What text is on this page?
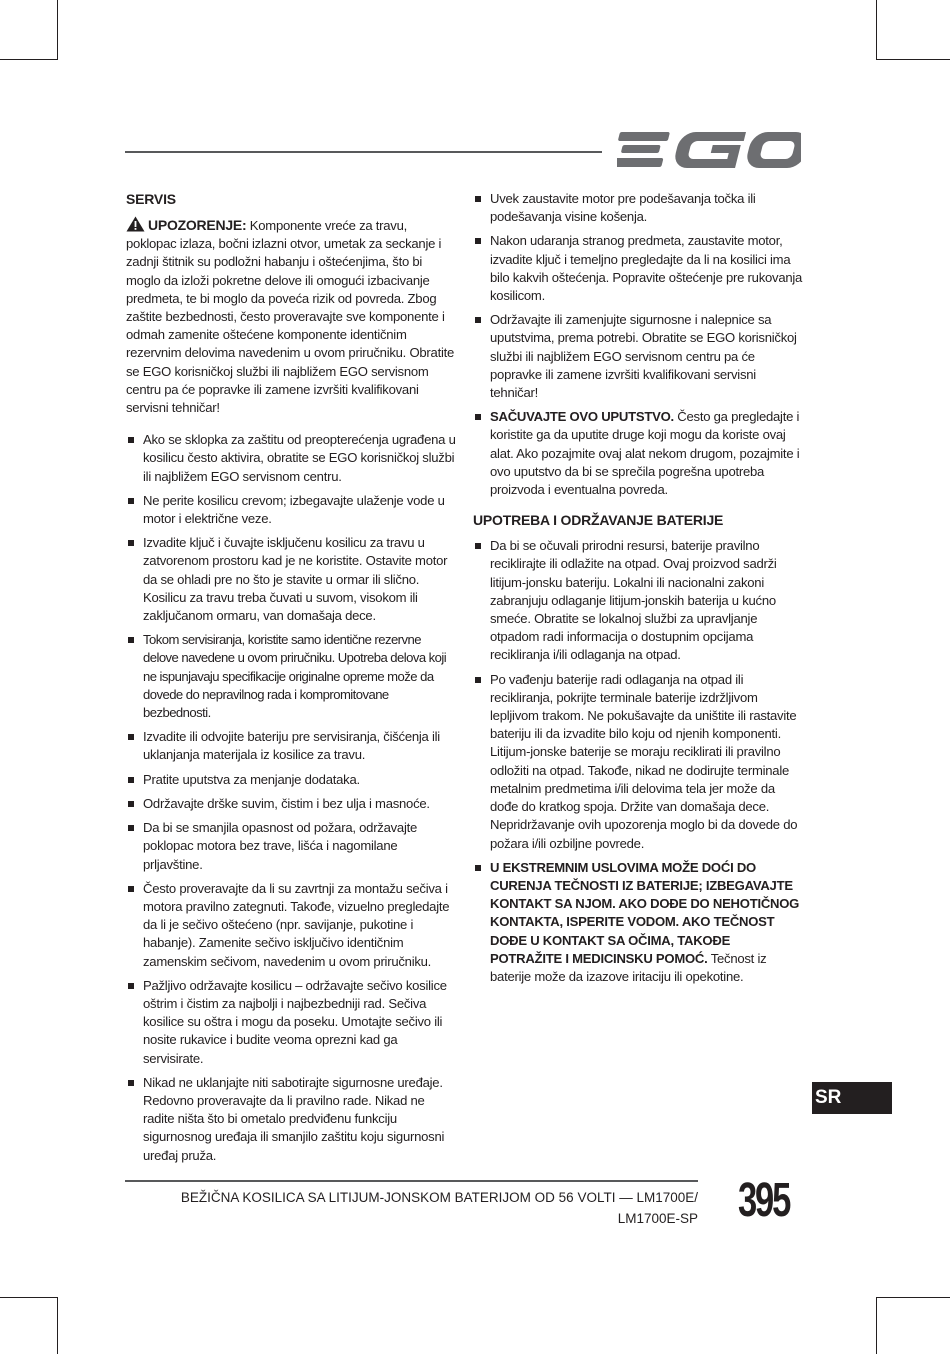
SERVIS
UPOZORENJE: Komponente vreće za travu, poklopac izlaza, bočni izlazni otvor, umetak za seckanje i zadnji štitnik su podložni habanju i oštećenjima, što bi moglo da izloži pokretne delove ili omogući izbacivanje predmeta, te bi moglo da poveća rizik od povreda. Zbog zaštite bezbednosti, često proveravajte sve komponente i odmah zamenite oštećene komponente identičnim rezervnim delovima navedenim u ovom priručniku. Obratite se EGO korisničkoj službi ili najbližem EGO servisnom centru pa će popravke ili zamene izvršiti kvalifikovani servisni tehničar!
Ako se sklopka za zaštitu od preopterećenja ugrađena u kosilicu često aktivira, obratite se EGO korisničkoj službi ili najbližem EGO servisnom centru.
Ne perite kosilicu crevom; izbegavajte ulaženje vode u motor i električne veze.
Izvadite ključ i čuvajte isključenu kosilicu za travu u zatvorenom prostoru kad je ne koristite. Ostavite motor da se ohladi pre no što je stavite u ormar ili slično. Kosilicu za travu treba čuvati u suvom, visokom ili zaključanom ormaru, van domašaja dece.
Tokom servisiranja, koristite samo identične rezervne delove navedene u ovom priručniku. Upotreba delova koji ne ispunjavaju specifikacije originalne opreme može da dovede do nepravilnog rada i kompromitovane bezbednosti.
Izvadite ili odvojite bateriju pre servisiranja, čišćenja ili uklanjanja materijala iz kosilice za travu.
Pratite uputstva za menjanje dodataka.
Održavajte drške suvim, čistim i bez ulja i masnoće.
Da bi se smanjila opasnost od požara, održavajte poklopac motora bez trave, lišća i nagomilane prljavštine.
Često proveravajte da li su zavrtnji za montažu sečiva i motora pravilno zategnuti. Takođe, vizuelno pregledajte da li je sečivo oštećeno (npr. savijanje, pukotine i habanje). Zamenite sečivo isključivo identičnim zamenskim sečivom, navedenim u ovom priručniku.
Pažljivo održavajte kosilicu – održavajte sečivo kosilice oštrim i čistim za najbolji i najbezbedniji rad. Sečiva kosilice su oštra i mogu da poseku. Umotajte sečivo ili nosite rukavice i budite veoma oprezni kad ga servisirate.
Nikad ne uklanjajte niti sabotirajte sigurnosne uređaje. Redovno proveravajte da li pravilno rade. Nikad ne radite ništa što bi ometalo predviđenu funkciju sigurnosnog uređaja ili smanjilo zaštitu koju sigurnosni uređaj pruža.
Uvek zaustavite motor pre podešavanja točka ili podešavanja visine košenja.
Nakon udaranja stranog predmeta, zaustavite motor, izvadite ključ i temeljno pregledajte da li na kosilici ima bilo kakvih oštećenja. Popravite oštećenje pre rukovanja kosilicom.
Održavajte ili zamenjujte sigurnosne i nalepnice sa uputstvima, prema potrebi. Obratite se EGO korisničkoj službi ili najbližem EGO servisnom centru pa će popravke ili zamene izvršiti kvalifikovani servisni tehničar!
SAČUVAJTE OVO UPUTSTVO. Često ga pregledajte i koristite ga da uputite druge koji mogu da koriste ovaj alat. Ako pozajmite ovaj alat nekom drugom, pozajmite i ovo uputstvo da bi se sprečila pogrešna upotreba proizvoda i eventualna povreda.
UPOTREBA I ODRŽAVANJE BATERIJE
Da bi se očuvali prirodni resursi, baterije pravilno reciklirajte ili odlažite na otpad. Ovaj proizvod sadrži litijum-jonsku bateriju. Lokalni ili nacionalni zakoni zabranjuju odlaganje litijum-jonskih baterija u kućno smeće. Obratite se lokalnoj službi za upravljanje otpadom radi informacija o dostupnim opcijama recikliranja i/ili odlaganja na otpad.
Po vađenju baterije radi odlaganja na otpad ili recikliranja, pokrijte terminale baterije izdržljivom lepljivom trakom. Ne pokušavajte da uništite ili rastavite bateriju ili da izvadite bilo koju od njenih komponenti. Litijum-jonske baterije se moraju reciklirati ili pravilno odložiti na otpad. Takođe, nikad ne dodirujte terminale metalnim predmetima i/ili delovima tela jer može da dođe do kratkog spoja. Držite van domašaja dece. Nepridržavanje ovih upozorenja moglo bi da dovede do požara i/ili ozbiljne povrede.
U EKSTREMNIM USLOVIMA MOŽE DOĆI DO CURENJA TEČNOSTI IZ BATERIJE; IZBEGAVAJTE KONTAKT SA NJOM. AKO DOĐE DO NEHOTIČNOG KONTAKTA, ISPERITE VODOM. AKO TEČNOST DOĐE U KONTAKT SA OČIMA, TAKOĐE POTRAŽITE I MEDICINSKU POMOĆ. Tečnost iz baterije može da izazove iritaciju ili opekotine.
SR
BEŽIČNA KOSILICA SA LITIJUM-JONSKOM BATERIJOM OD 56 VOLTI — LM1700E/
LM1700E-SP 395
